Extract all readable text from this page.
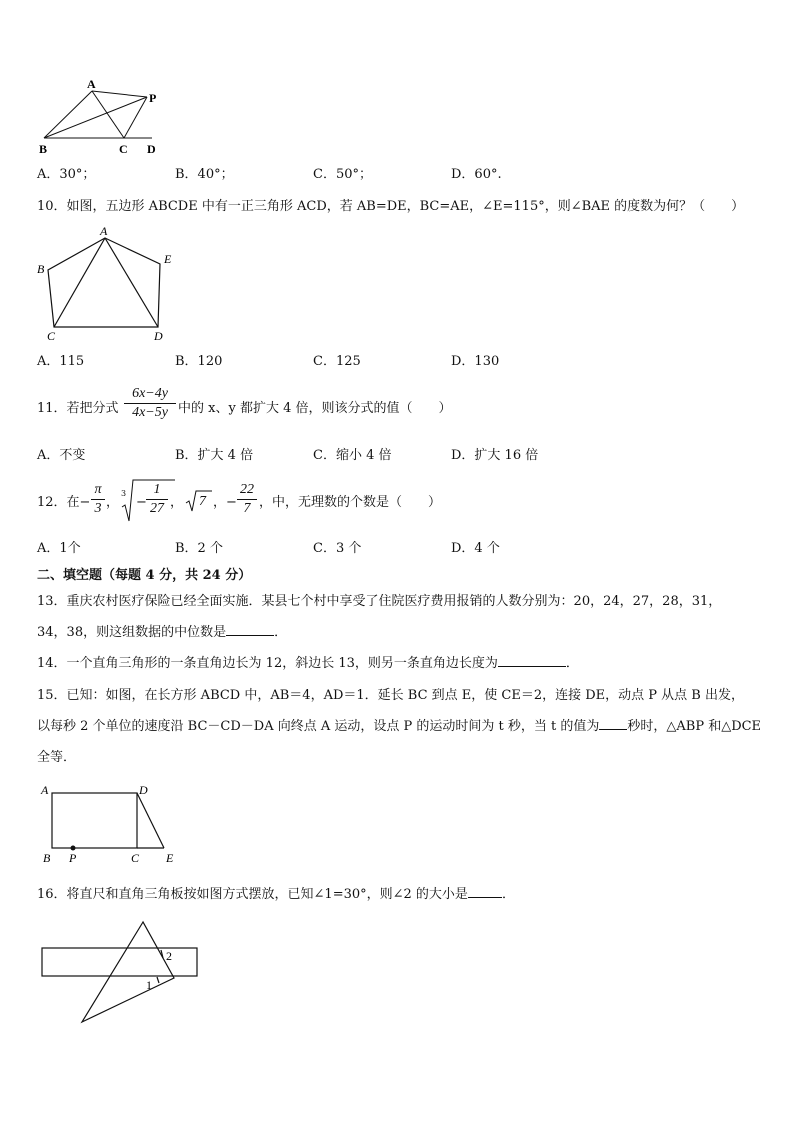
A
P
B	C D
A．30°；	B．40°；	C．50°；	D．60°.
10．如图，五边形 ABCDE 中有一正三角形 ACD，若 AB=DE，BC=AE，∠E=115°，则∠BAE 的度数为何？（　　）
A
B
C	D
E
A．115	B．120	C．125	D．130
11．若把分式
6x−4y
4x−5y 中的 x、y 都扩大 4 倍，则该分式的值（　　）
A．不变	B．扩大 4 倍	C．缩小 4 倍	D．扩大 16 倍
12．在−
π
3 ，
3
−
1
27 ， 7 ， −
22
7 ，中，无理数的个数是（　　）
A．1个	B．2 个	C．3 个	D．4 个
二、填空题（每题 4 分，共 24 分）
13．重庆农村医疗保险已经全面实施．某县七个村中享受了住院医疗费用报销的人数分别为：20，24，27，28，31，
34，38，则这组数据的中位数是	．
14．一个直角三角形的一条直角边长为 12，斜边长 13，则另一条直角边长度为	．
15．已知：如图，在长方形 ABCD 中，AB＝4，AD＝1．延长 BC 到点 E，使 CE＝2，连接 DE，动点 P 从点 B 出发，
以每秒 2 个单位的速度沿 BC－CD－DA 向终点 A 运动，设点 P 的运动时间为 t 秒，当 t 的值为 秒时，△ABP 和△DCE
全等．
A	D
B P	C E
16．将直尺和直角三角板按如图方式摆放，已知∠1=30°，则∠2 的大小是	．
2
1
